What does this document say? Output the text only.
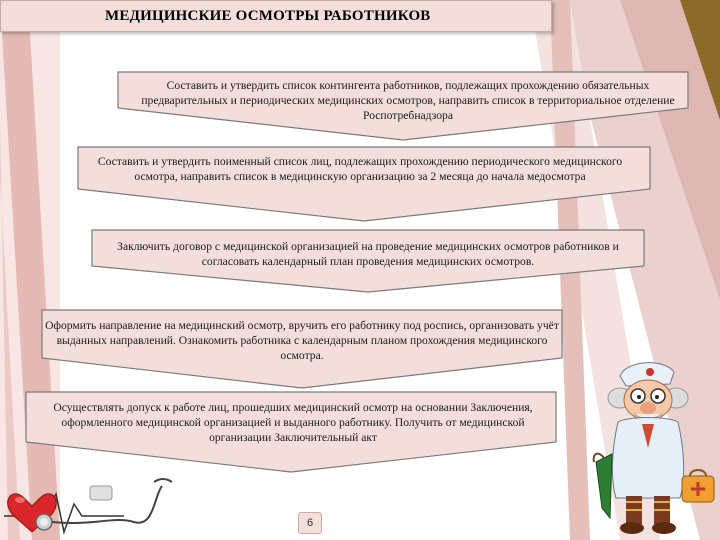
МЕДИЦИНСКИЕ ОСМОТРЫ РАБОТНИКОВ
Составить и утвердить список контингента работников, подлежащих прохождению обязательных предварительных и периодических медицинских осмотров, направить список в территориальное отделение Роспотребнадзора
Составить и утвердить поименный список лиц, подлежащих прохождению периодического медицинского осмотра, направить список в медицинскую организацию за 2 месяца до начала медосмотра
Заключить договор с медицинской организацией на проведение медицинских осмотров работников и согласовать календарный план проведения медицинских осмотров.
Оформить направление на медицинский осмотр, вручить его работнику под роспись, организовать учёт выданных направлений. Ознакомить работника с календарным планом прохождения медицинского осмотра.
Осуществлять допуск к работе лиц, прошедших медицинский осмотр на основании Заключения, оформленного медицинской организацией и выданного работнику. Получить от медицинской организации Заключительный акт
6
